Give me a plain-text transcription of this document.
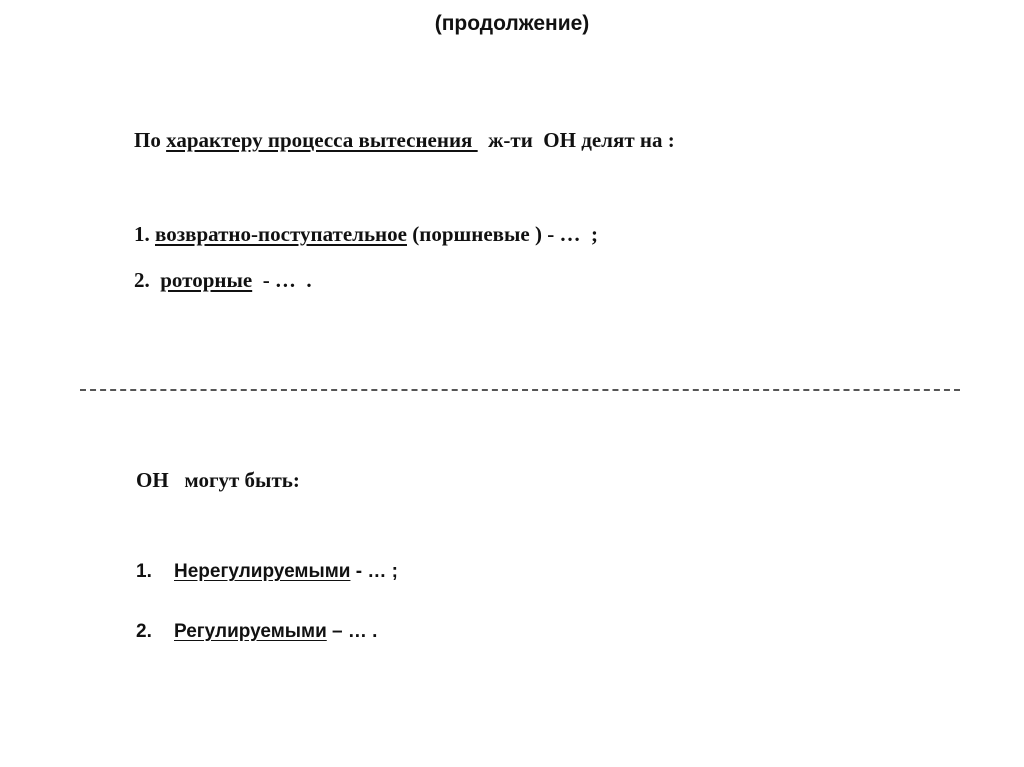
(продолжение)
По характеру процесса вытеснения   ж-ти  ОН делят на :
1. возвратно-поступательное (поршневые ) - …  ;
2.  роторные  - …  .
ОН   могут быть:
1. Нерегулируемыми - … ;
2. Регулируемыми – … .
